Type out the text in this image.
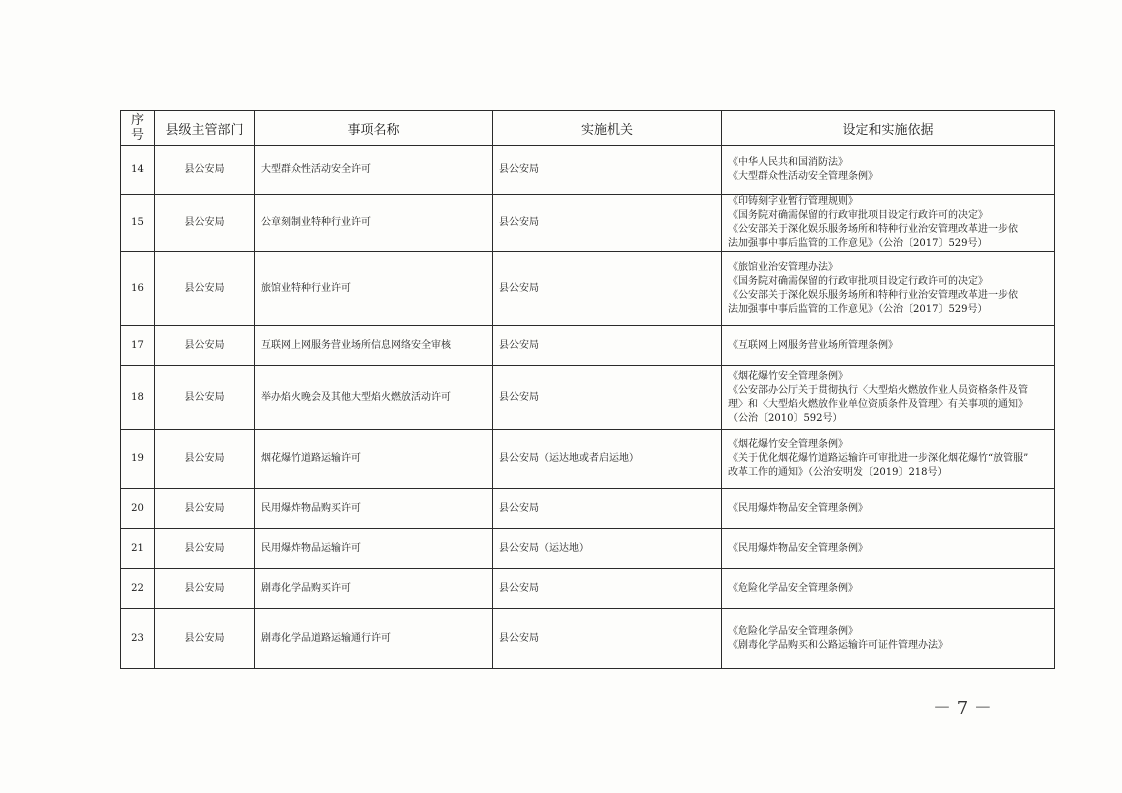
序号	县级主管部门	事项名称	实施机关	设定和实施依据
14	县公安局	大型群众性活动安全许可	县公安局	《中华人民共和国消防法》
《大型群众性活动安全管理条例》

15	县公安局	公章刻制业特种行业许可	县公安局	《印铸刻字业暂行管理规则》
《国务院对确需保留的行政审批项目设定行政许可的决定》
《公安部关于深化娱乐服务场所和特种行业治安管理改革进一步依
法加强事中事后监管的工作意见》（公治〔2017〕529号）

16	县公安局	旅馆业特种行业许可	县公安局	《旅馆业治安管理办法》
《国务院对确需保留的行政审批项目设定行政许可的决定》
《公安部关于深化娱乐服务场所和特种行业治安管理改革进一步依
法加强事中事后监管的工作意见》（公治〔2017〕529号）

17	县公安局	互联网上网服务营业场所信息网络安全审核	县公安局	《互联网上网服务营业场所管理条例》

18	县公安局	举办焰火晚会及其他大型焰火燃放活动许可	县公安局	《烟花爆竹安全管理条例》
《公安部办公厅关于贯彻执行〈大型焰火燃放作业人员资格条件及管
理〉和〈大型焰火燃放作业单位资质条件及管理〉有关事项的通知》
（公治〔2010〕592号）

19	县公安局	烟花爆竹道路运输许可	县公安局（运达地或者启运地）	《烟花爆竹安全管理条例》
《关于优化烟花爆竹道路运输许可审批进一步深化烟花爆竹“放管服”
改革工作的通知》（公治安明发〔2019〕218号）

20	县公安局	民用爆炸物品购买许可	县公安局	《民用爆炸物品安全管理条例》

21	县公安局	民用爆炸物品运输许可	县公安局（运达地）	《民用爆炸物品安全管理条例》

22	县公安局	剧毒化学品购买许可	县公安局	《危险化学品安全管理条例》

23	县公安局	剧毒化学品道路运输通行许可	县公安局	《危险化学品安全管理条例》
《剧毒化学品购买和公路运输许可证件管理办法》
－ 7 －
